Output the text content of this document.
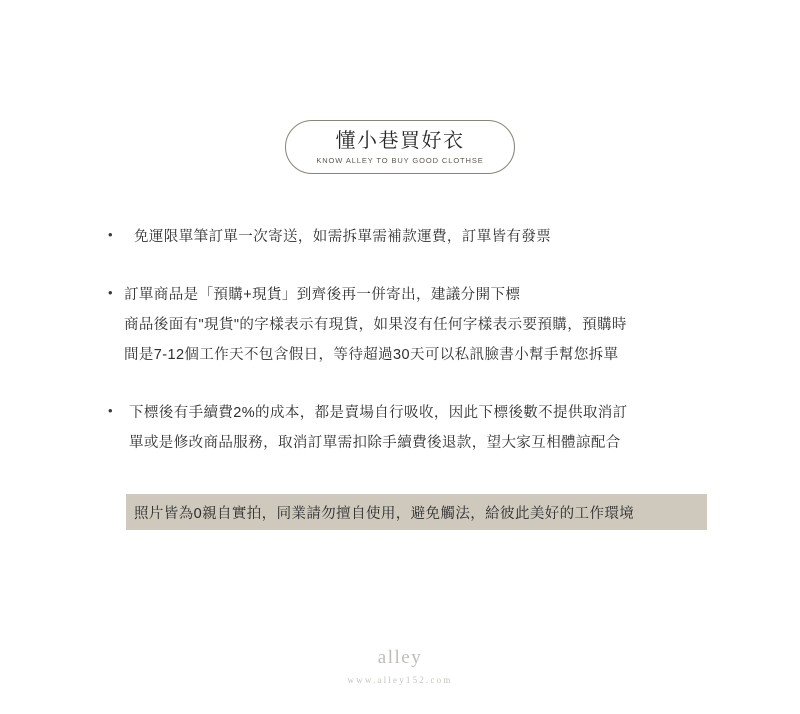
懂小巷買好衣
KNOW ALLEY TO BUY GOOD CLOTHSE
•	免運限單筆訂單一次寄送，如需拆單需補款運費，訂單皆有發票
• 訂單商品是「預購+現貨」到齊後再一併寄出，建議分開下標
商品後面有"現貨"的字樣表示有現貨，如果沒有任何字樣表示要預購，預購時
間是7-12個工作天不包含假日，等待超過30天可以私訊臉書小幫手幫您拆單
•	下標後有手續費2%的成本，都是賣場自行吸收，因此下標後數不提供取消訂
單或是修改商品服務，取消訂單需扣除手續費後退款，望大家互相體諒配合
照片皆為0親自實拍，同業請勿擅自使用，避免觸法，給彼此美好的工作環境
alley
www.alley152.com
